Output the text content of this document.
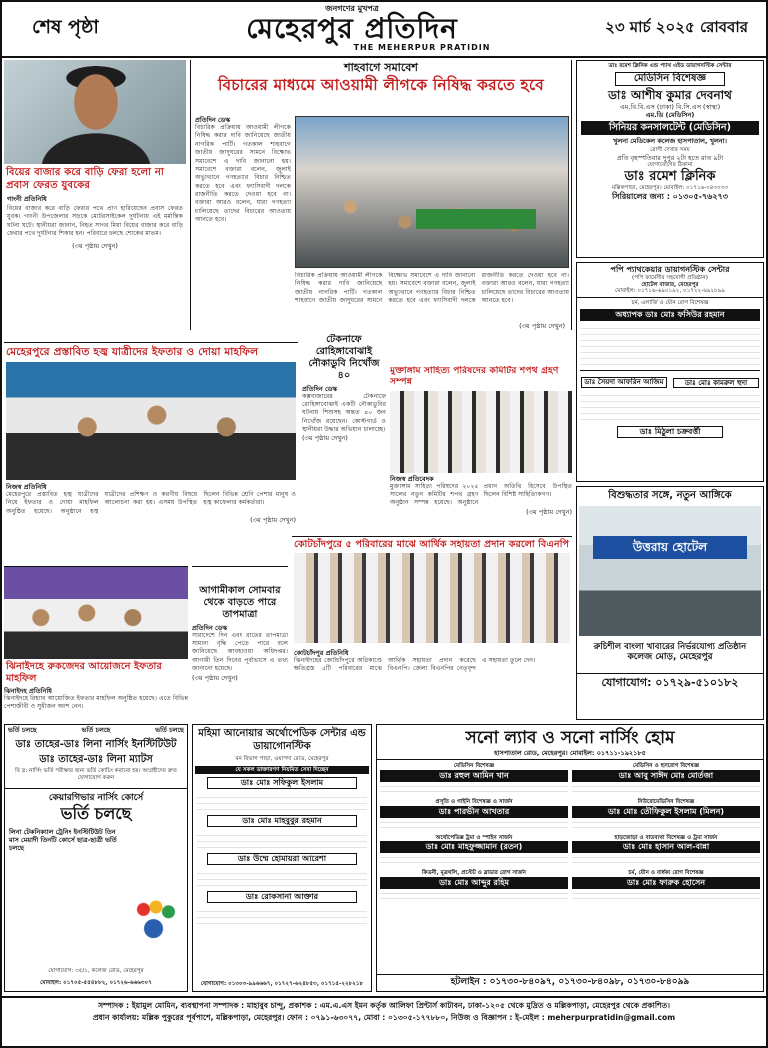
শেষ পৃষ্ঠা
জনগণের মুখপত্র
মেহেরপুর প্রতিদিন
THE MEHERPUR PRATIDIN
২৩ মার্চ ২০২৫ রোববার
বিয়ের বাজার করে বাড়ি ফেরা হলো না প্রবাস ফেরত যুবকের
গাংনী প্রতিনিধি
বিয়ের বাজার করে বাড়ি ফেরার পথে প্রাণ হারিয়েছেন প্রবাস ফেরত যুবক। গাংনী উপজেলার সড়কে মোটরসাইকেল দুর্ঘটনায় এই মর্মান্তিক ঘটনা ঘটে। স্থানীয়রা জানান, নিহত সাগর মিয়া বিয়ের বাজার করে বাড়ি ফেরার পথে দুর্ঘটনার শিকার হন। পরিবারে চলছে শোকের মাতম।
(৩য় পৃষ্ঠায় দেখুন)
শাহবাগে সমাবেশ
বিচারের মাধ্যমে আওয়ামী লীগকে নিষিদ্ধ করতে হবে
প্রতিদিন ডেস্ক
বিচারিক প্রক্রিয়ায় আওয়ামী লীগকে নিষিদ্ধ করার দাবি জানিয়েছে জাতীয় নাগরিক পার্টি। গতকাল শাহবাগে জাতীয় জাদুঘরের সামনে বিক্ষোভ সমাবেশে এ দাবি জানানো হয়। সমাবেশে বক্তারা বলেন, জুলাই অভ্যুত্থানে গণহত্যার বিচার নিশ্চিত করতে হবে এবং ফ্যাসিবাদী দলকে রাজনীতি করতে দেওয়া হবে না। বক্তারা আরও বলেন, যারা গণহত্যা চালিয়েছে তাদের বিচারের আওতায় আনতে হবে।
বিচারিক প্রক্রিয়ায় আওয়ামী লীগকে নিষিদ্ধ করার দাবি জানিয়েছে জাতীয় নাগরিক পার্টি। গতকাল শাহবাগে জাতীয় জাদুঘরের সামনে বিক্ষোভ সমাবেশে এ দাবি জানানো হয়। সমাবেশে বক্তারা বলেন, জুলাই অভ্যুত্থানে গণহত্যার বিচার নিশ্চিত করতে হবে এবং ফ্যাসিবাদী দলকে রাজনীতি করতে দেওয়া হবে না। বক্তারা আরও বলেন, যারা গণহত্যা চালিয়েছে তাদের বিচারের আওতায় আনতে হবে।
(৩য় পৃষ্ঠায় দেখুন)
ডাঃ রমেশ ক্লিনিক এন্ড প্যাথ এইড ডায়াগনস্টিক সেন্টার
মেডিসিন বিশেষজ্ঞ
ডাঃ আশীষ কুমার দেবনাথ
এম.বি.বি.এস (ঢাকা) বি.সি.এস (স্বাস্থ্য)
এম.ডি (মেডিসিন)
সিনিয়র কনসালটেন্ট (মেডিসিন)
খুলনা মেডিকেল কলেজ হাসপাতাল, খুলনা।
রোগী দেখার সময়
প্রতি বৃহস্পতিবার দুপুর ২টা হতে রাত ৯টা
যোগাযোগের ঠিকানা
ডাঃ রমেশ ক্লিনিক
মল্লিকপাড়া, মেহেরপুর। মোবাইল: ০১৭১৬-০৪৩০৩৩
সিরিয়ালের জন্য : ০১৩০৫-৭৬২৭৩
পপি প্যাথকেয়ার ডায়াগনস্টিক সেন্টার
(পপি ফার্মেসীর সহযোগী প্রতিষ্ঠান)
হোটেল বাজার, মেহেরপুর
মোবাইল: ০১৭১৬-৬৯০১৯২, ০১৭২২-৬৯২৮৯৯
চর্ম, এলার্জি ও যৌন রোগ বিশেষজ্ঞ
অধ্যাপক ডাঃ মোঃ ফসিউর রহমান
ডাঃ সৈয়দা আফরিন আজিম	ডাঃ মোঃ কামরুল হুদা
ডাঃ মিঠুলা চক্রবর্ত্তী
মেহেরপুরে প্রস্তাবিত হজ্ব যাত্রীদের ইফতার ও দোয়া মাহফিল
নিজস্ব প্রতিনিধি
মেহেরপুরে প্রস্তাবিত হজ্ব যাত্রীদের নিয়ে ইফতার ও দোয়া মাহফিল অনুষ্ঠিত হয়েছে। অনুষ্ঠানে হজ্ব যাত্রীদের প্রশিক্ষণ ও করণীয় বিষয়ে আলোচনা করা হয়। এসময় উপস্থিত ছিলেন বিভিন্ন শ্রেণি পেশার মানুষ ও হজ্ব কাফেলার কর্মকর্তারা।
(৩য় পৃষ্ঠায় দেখুন)
টেকনাফে রোহিঙ্গাবোঝাই নৌকাডুবি নিখোঁজ ৪০
প্রতিদিন ডেস্ক
কক্সবাজারের টেকনাফে রোহিঙ্গাবোঝাই একটি নৌকাডুবির ঘটনায় শিশুসহ অন্তত ৪০ জন নিখোঁজ রয়েছেন। কোস্টগার্ড ও স্থানীয়রা উদ্ধার অভিযান চালাচ্ছে।
(৩য় পৃষ্ঠায় দেখুন)
মুক্তাঙ্গাম সাহিত্য পরিষদের কমিটির শপথ গ্রহণ সম্পন্ন
নিজস্ব প্রতিবেদক
মুক্তাঙ্গাম সাহিত্য পরিষদের ২০২৫ সালের নতুন কমিটির শপথ গ্রহণ অনুষ্ঠান সম্পন্ন হয়েছে। অনুষ্ঠানে প্রধান অতিথি হিসেবে উপস্থিত ছিলেন বিশিষ্ট সাহিত্যিকগণ।
(৩য় পৃষ্ঠায় দেখুন)
কোটচাঁদপুরে ৫ পরিবারের মাঝে আর্থিক সহায়তা প্রদান করলো বিএনপি
কোটচাঁদপুর প্রতিনিধি
ঝিনাইদহের কোটচাঁদপুরে অগ্নিকাণ্ডে ক্ষতিগ্রস্ত ৫টি পরিবারের মাঝে আর্থিক সহায়তা প্রদান করেছে বিএনপি। জেলা বিএনপির নেতৃবৃন্দ এ সহায়তা তুলে দেন।
আগামীকাল সোমবার থেকে বাড়তে পারে তাপমাত্রা
প্রতিদিন ডেস্ক
সারাদেশে দিন এবং রাতের তাপমাত্রা সামান্য বৃদ্ধি পেতে পারে বলে জানিয়েছে আবহাওয়া অধিদপ্তর। আগামী তিন দিনের পূর্বাভাসে এ তথ্য জানানো হয়েছে।
(৩য় পৃষ্ঠায় দেখুন)
ঝিনাইদহে রুকজেদর আয়োজনে ইফতার মাহফিল
ঝিনাইদহ প্রতিনিধি
ঝিনাইদহে রিহ্যাব আয়োজিত ইফতার মাহফিল অনুষ্ঠিত হয়েছে। এতে বিভিন্ন পেশাজীবী ও সুধীজন অংশ নেন।
বিশুদ্ধতার সঙ্গে, নতুন আঙ্গিকে
উত্তরায় হোটেল
রুচিশীল বাংলা খাবারের নির্ভরযোগ্য প্রতিষ্ঠান
কলেজ মোড়, মেহেরপুর
যোগাযোগ: ০১৭২৯-৫১০১৮২
ভর্তি চলছে	ভর্তি চলছে	ভর্তি চলছে
ডাঃ তাহের-ডাঃ লিনা নার্সিং ইনস্টিটিউট
ডাঃ তাহের-ডাঃ লিনা ম্যাটস
বি দ্র: নার্সিং ভর্তি পরীক্ষার জন্য ভর্তি কোচিং করানো হয়। আগ্রহীদের দ্রুত যোগাযোগ করুন
কেয়ারগিভার নার্সিং কোর্সে
ভর্তি চলছে
লিনা টেকনিক্যাল ট্রেনিং ইনস্টিটিউট তিন মাস মেয়াদী তিনটি কোর্সে ছাত্র-ছাত্রী ভর্তি চলছে
যোগাযোগ: ৩৫/১, কলেজ রোড, মেহেরপুর
মোবাইল: ০১৭০৫-৫৫৪৮৮২, ০১৭২৬-৬৬৬৩০৭
মহিমা আনোয়ার অর্থোপেডিক সেন্টার এন্ড ডায়াগোনস্টিক
বন বিভাগ পাড়া, ওয়াপদা রোড, মেহেরপুর
যে সকল ডাক্তারগণ নিয়মিত সেবা দিচ্ছেন
ডাঃ মোঃ সফিকুল ইসলাম
ডাঃ মোঃ মাহবুবুর রহমান
ডাঃ উম্মে হোমায়রা আরেশা
ডাঃ রোকসানা আক্তার
যোগাযোগ: ০১৩০৩-৯৯৬৬৬৭, ০১৭২৭-৬২৪৮৫৩, ০১৭১৫-২২৮২১৮
সনো ল্যাব ও সনো নার্সিং হোম
হাসপাতাল রোড, মেহেরপুর। মোবাইল: ০১৭১১-১৯২১৮৫
মেডিসিন বিশেষজ্ঞ
ডাঃ রহুল আমিন খান
মেডিসিন ও হৃদরোগ বিশেষজ্ঞ
ডাঃ আবু সাঈদ মোঃ মোর্তজা
প্রসূতি ও গাইনি বিশেষজ্ঞ ও সার্জন
ডাঃ পারভীন আখতার
নিউরোমেডিসিন বিশেষজ্ঞ
ডাঃ মোঃ তৌফিকুল ইসলাম (মিলন)
অর্থোপেডিক্স ট্রমা ও স্পাইন সার্জন
ডাঃ মোঃ মাহফুজ্জামান (রতন)
হাড়জোড়া ও বাতব্যথা বিশেষজ্ঞ ও ট্রমা সার্জন
ডাঃ মোঃ হাসান আল-বান্না
কিডনী, মূত্রথলি, প্রস্টেট ও ব্লাডার রোগ সার্জন
ডাঃ মোঃ আব্দুর রহিম
চর্ম, যৌন ও বার্ধক্য রোগ বিশেষজ্ঞ
ডাঃ মোঃ ফারুক হোসেন
হটলাইন : ০১৭৩০-৮৪০৯৭, ০১৭৩০-৮৪০৯৮, ০১৭৩০-৮৪০৯৯
সম্পাদক : ইয়ামুল মোমিন, ব্যবস্থাপনা সম্পাদক : মাহাবুব চান্দু, প্রকাশক : এম.এ.এস ইমন কর্তৃক আলিফা প্রিন্টার্স কাটাবন, ঢাকা-১২০৫ থেকে মুদ্রিত ও মল্লিকপাড়া, মেহেরপুর থেকে প্রকাশিত।
প্রধান কার্যালয়: মল্লিক পুকুরের পূর্বপাশে, মল্লিকপাড়া, মেহেরপুর। ফোন : ০৭৯১-৬৩০৭৭, মোবা : ০১৩০৫-১৭৭৮৮০, নিউজ ও বিজ্ঞাপন : ই-মেইল : meherpurpratidin@gmail.com
